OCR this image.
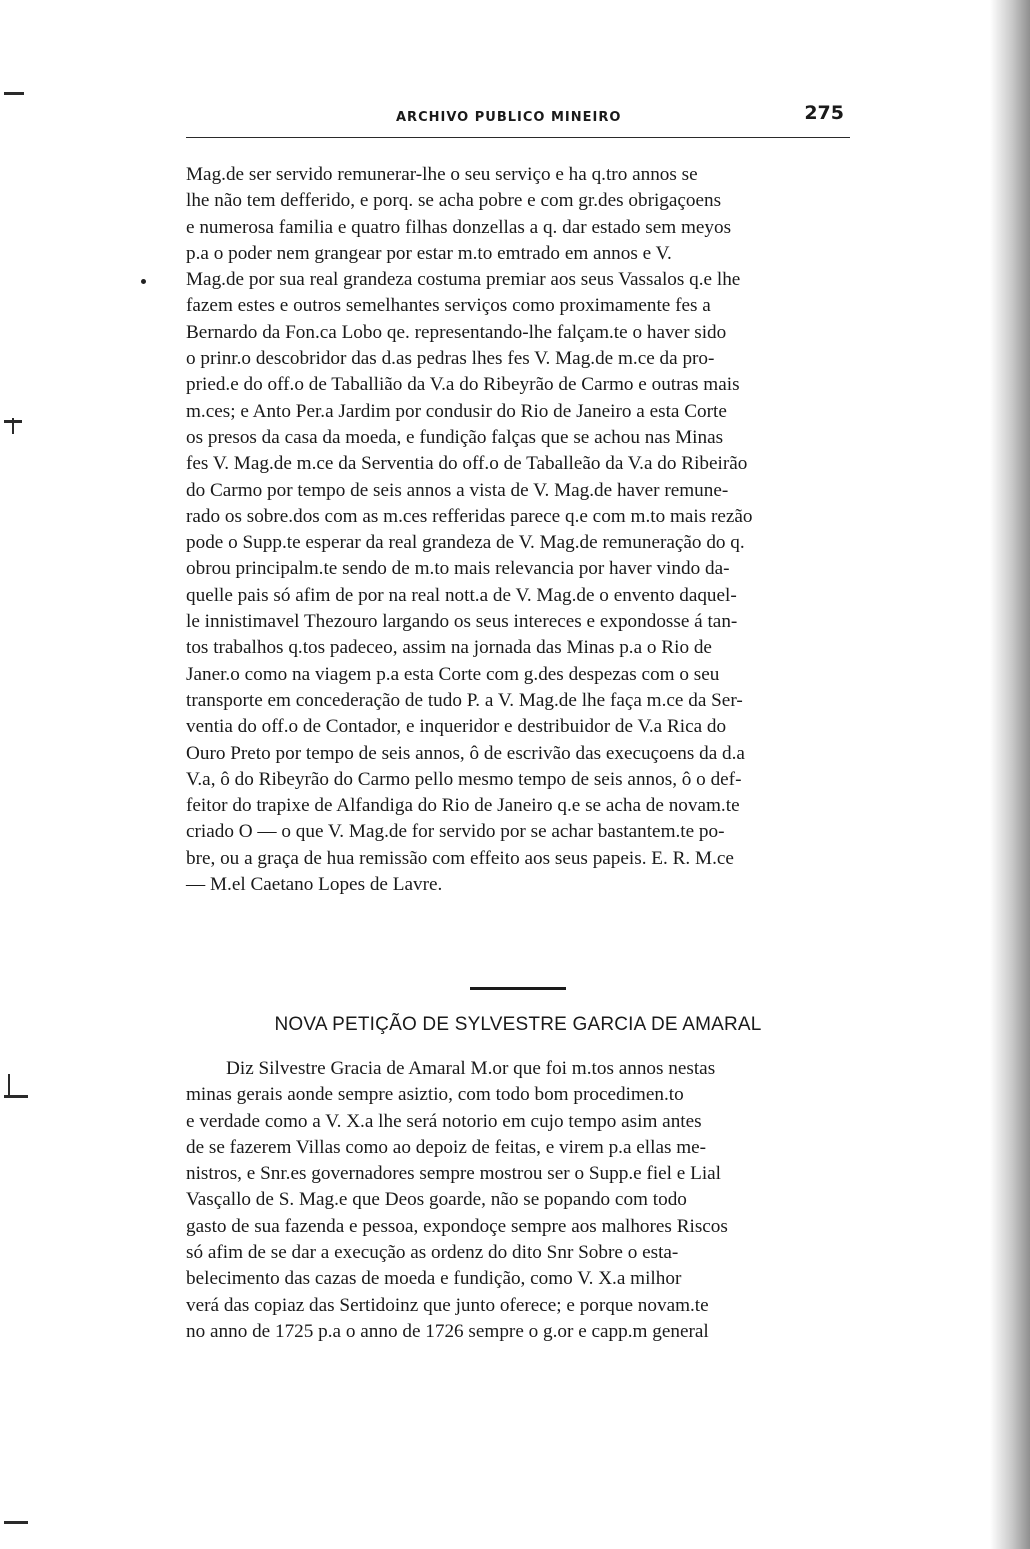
ARCHIVO PUBLICO MINEIRO	275

Mag.de ser servido remunerar-lhe o seu serviço e ha q.tro annos se
lhe não tem defferido, e porq. se acha pobre e com gr.des obrigaçoens
e numerosa familia e quatro filhas donzellas a q. dar estado sem meyos
p.a o poder nem grangear por estar m.to emtrado em annos e V.
Mag.de por sua real grandeza costuma premiar aos seus Vassalos q.e lhe
fazem estes e outros semelhantes serviços como proximamente fes a
Bernardo da Fon.ca Lobo qe. representando-lhe falçam.te o haver sido
o prinr.o descobridor das d.as pedras lhes fes V. Mag.de m.ce da pro-
pried.e do off.o de Taballião da V.a do Ribeyrão de Carmo e outras mais
m.ces; e Anto Per.a Jardim por condusir do Rio de Janeiro a esta Corte
os presos da casa da moeda, e fundição falças que se achou nas Minas
fes V. Mag.de m.ce da Serventia do off.o de Taballeão da V.a do Ribeirão
do Carmo por tempo de seis annos a vista de V. Mag.de haver remune-
rado os sobre.dos com as m.ces refferidas parece q.e com m.to mais rezão
pode o Supp.te esperar da real grandeza de V. Mag.de remuneração do q.
obrou principalm.te sendo de m.to mais relevancia por haver vindo da-
quelle pais só afim de por na real nott.a de V. Mag.de o envento daquel-
le innistimavel Thezouro largando os seus intereces e expondosse á tan-
tos trabalhos q.tos padeceo, assim na jornada das Minas p.a o Rio de
Janer.o como na viagem p.a esta Corte com g.des despezas com o seu
transporte em concederação de tudo P. a V. Mag.de lhe faça m.ce da Ser-
ventia do off.o de Contador, e inqueridor e destribuidor de V.a Rica do
Ouro Preto por tempo de seis annos, ô de escrivão das execuçoens da d.a
V.a, ô do Ribeyrão do Carmo pello mesmo tempo de seis annos, ô o def-
feitor do trapixe de Alfandiga do Rio de Janeiro q.e se acha de novam.te
criado O — o que V. Mag.de for servido por se achar bastantem.te po-
bre, ou a graça de hua remissão com effeito aos seus papeis. E. R. M.ce
— M.el Caetano Lopes de Lavre.

NOVA PETIÇÃO DE SYLVESTRE GARCIA DE AMARAL

Diz Silvestre Gracia de Amaral M.or que foi m.tos annos nestas
minas gerais aonde sempre asiztio, com todo bom procedimen.to
e verdade como a V. X.a lhe será notorio em cujo tempo asim antes
de se fazerem Villas como ao depoiz de feitas, e virem p.a ellas me-
nistros, e Snr.es governadores sempre mostrou ser o Supp.e fiel e Lial
Vasçallo de S. Mag.e que Deos goarde, não se popando com todo
gasto de sua fazenda e pessoa, expondoçe sempre aos malhores Riscos
só afim de se dar a execução as ordenz do dito Snr Sobre o esta-
belecimento das cazas de moeda e fundição, como V. X.a milhor
verá das copiaz das Sertidoinz que junto oferece; e porque novam.te
no anno de 1725 p.a o anno de 1726 sempre o g.or e capp.m general
